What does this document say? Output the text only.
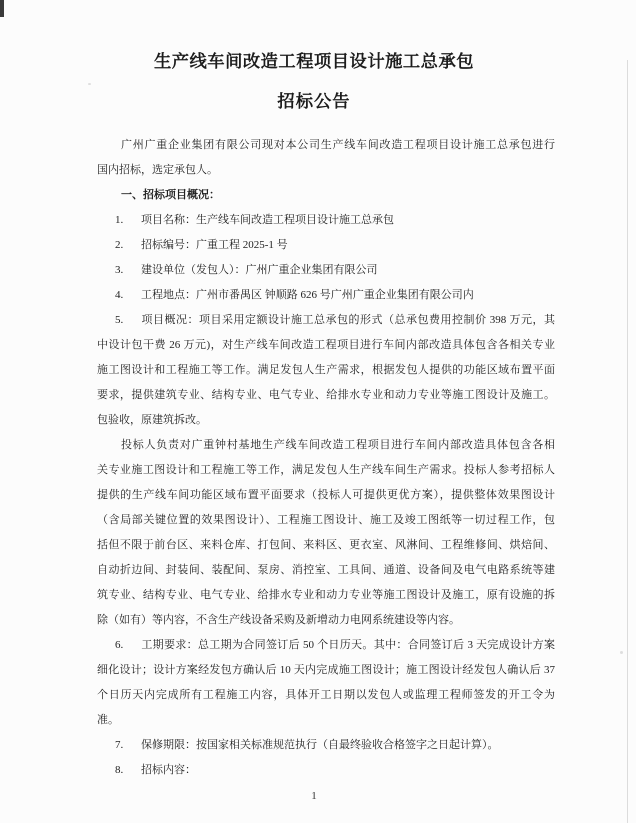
生产线车间改造工程项目设计施工总承包
招标公告
广州广重企业集团有限公司现对本公司生产线车间改造工程项目设计施工总承包进行
国内招标，选定承包人。
一、招标项目概况：
1. 项目名称：生产线车间改造工程项目设计施工总承包
2. 招标编号：广重工程 2025-1 号
3. 建设单位（发包人）：广州广重企业集团有限公司
4. 工程地点：广州市番禺区 钟顺路 626 号广州广重企业集团有限公司内
5. 项目概况：项目采用定额设计施工总承包的形式（总承包费用控制价 398 万元，其
中设计包干费 26 万元)，对生产线车间改造工程项目进行车间内部改造具体包含各相关专业
施工图设计和工程施工等工作。满足发包人生产需求，根据发包人提供的功能区域布置平面
要求，提供建筑专业、结构专业、电气专业、给排水专业和动力专业等施工图设计及施工。
包验收，原建筑拆改。
投标人负责对广重钟村基地生产线车间改造工程项目进行车间内部改造具体包含各相
关专业施工图设计和工程施工等工作，满足发包人生产线车间生产需求。投标人参考招标人
提供的生产线车间功能区域布置平面要求（投标人可提供更优方案），提供整体效果图设计
（含局部关键位置的效果图设计）、工程施工图设计、施工及竣工图纸等一切过程工作，包
括但不限于前台区、来料仓库、打包间、来料区、更衣室、风淋间、工程维修间、烘焙间、
自动折边间、封装间、装配间、泵房、消控室、工具间、通道、设备间及电气电路系统等建
筑专业、结构专业、电气专业、给排水专业和动力专业等施工图设计及施工，原有设施的拆
除（如有）等内容，不含生产线设备采购及新增动力电网系统建设等内容。
6. 工期要求：总工期为合同签订后 50 个日历天。其中：合同签订后 3 天完成设计方案
细化设计；设计方案经发包方确认后 10 天内完成施工图设计；施工图设计经发包人确认后 37
个日历天内完成所有工程施工内容，具体开工日期以发包人或监理工程师签发的开工令为
准。
7. 保修期限：按国家相关标准规范执行（自最终验收合格签字之日起计算）。
8. 招标内容：
1
